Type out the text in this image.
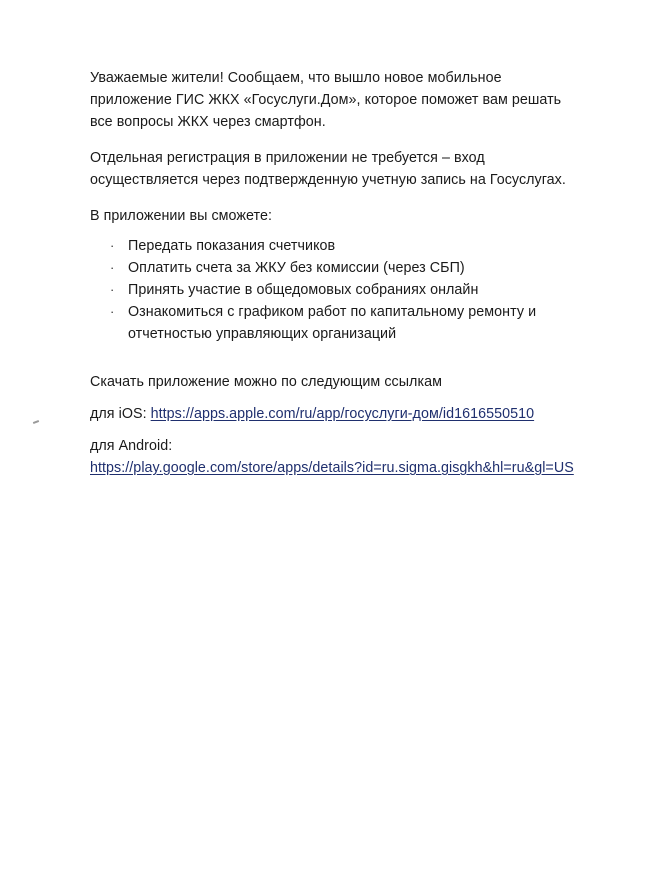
Уважаемые жители! Сообщаем, что вышло новое мобильное приложение ГИС ЖКХ «Госуслуги.Дом», которое поможет вам решать все вопросы ЖКХ через смартфон.

Отдельная регистрация в приложении не требуется – вход осуществляется через подтвержденную учетную запись на Госуслугах.

В приложении вы сможете:

· Передать показания счетчиков
· Оплатить счета за ЖКУ без комиссии (через СБП)
· Принять участие в общедомовых собраниях онлайн
· Ознакомиться с графиком работ по капитальному ремонту и отчетностью управляющих организаций

Скачать приложение можно по следующим ссылкам

для iOS: https://apps.apple.com/ru/app/госуслуги-дом/id1616550510

для Android:

https://play.google.com/store/apps/details?id=ru.sigma.gisgkh&hl=ru&gl=US
